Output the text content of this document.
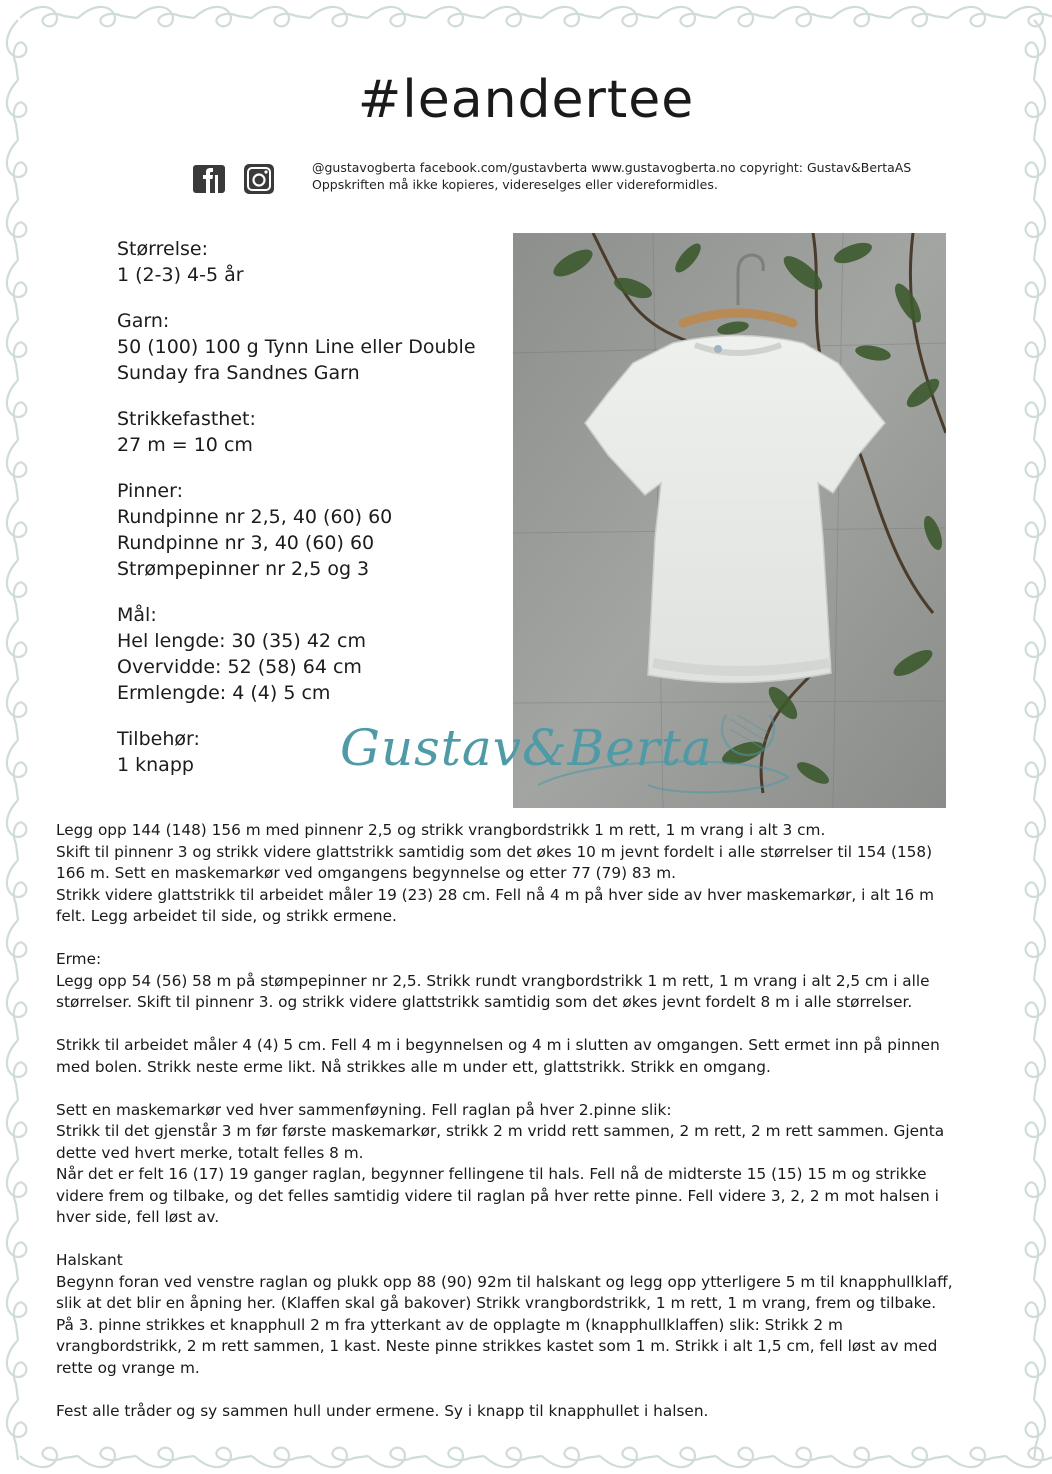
#leandertee
@gustavogberta facebook.com/gustavberta www.gustavogberta.no copyright: Gustav&BertaAS
Oppskriften må ikke kopieres, videreselges eller videreformidles.
Størrelse:
1 (2-3) 4-5 år
Garn:
50 (100) 100 g Tynn Line eller Double
Sunday fra Sandnes Garn
Strikkefasthet:
27 m = 10 cm
Pinner:
Rundpinne nr 2,5, 40 (60) 60
Rundpinne nr 3, 40 (60) 60
Strømpepinner nr 2,5 og 3
Mål:
Hel lengde: 30 (35) 42 cm
Overvidde: 52 (58) 64 cm
Ermlengde: 4 (4) 5 cm
Tilbehør:
1 knapp	Gustav&Berta
Legg opp 144 (148) 156 m med pinnenr 2,5 og strikk vrangbordstrikk 1 m rett, 1 m vrang i alt 3 cm.
Skift til pinnenr 3 og strikk videre glattstrikk samtidig som det økes 10 m jevnt fordelt i alle størrelser til 154 (158)
166 m. Sett en maskemarkør ved omgangens begynnelse og etter 77 (79) 83 m.
Strikk videre glattstrikk til arbeidet måler 19 (23) 28 cm. Fell nå 4 m på hver side av hver maskemarkør, i alt 16 m
felt. Legg arbeidet til side, og strikk ermene.
Erme:
Legg opp 54 (56) 58 m på stømpepinner nr 2,5. Strikk rundt vrangbordstrikk 1 m rett, 1 m vrang i alt 2,5 cm i alle
størrelser. Skift til pinnenr 3. og strikk videre glattstrikk samtidig som det økes jevnt fordelt 8 m i alle størrelser.
Strikk til arbeidet måler 4 (4) 5 cm. Fell 4 m i begynnelsen og 4 m i slutten av omgangen. Sett ermet inn på pinnen
med bolen. Strikk neste erme likt. Nå strikkes alle m under ett, glattstrikk. Strikk en omgang.
Sett en maskemarkør ved hver sammenføyning. Fell raglan på hver 2.pinne slik:
Strikk til det gjenstår 3 m før første maskemarkør, strikk 2 m vridd rett sammen, 2 m rett, 2 m rett sammen. Gjenta
dette ved hvert merke, totalt felles 8 m.
Når det er felt 16 (17) 19 ganger raglan, begynner fellingene til hals. Fell nå de midterste 15 (15) 15 m og strikke
videre frem og tilbake, og det felles samtidig videre til raglan på hver rette pinne. Fell videre 3, 2, 2 m mot halsen i
hver side, fell løst av.
Halskant
Begynn foran ved venstre raglan og plukk opp 88 (90) 92m til halskant og legg opp ytterligere 5 m til knapphullklaff,
slik at det blir en åpning her. (Klaffen skal gå bakover) Strikk vrangbordstrikk, 1 m rett, 1 m vrang, frem og tilbake.
På 3. pinne strikkes et knapphull 2 m fra ytterkant av de opplagte m (knapphullklaffen) slik: Strikk 2 m
vrangbordstrikk, 2 m rett sammen, 1 kast. Neste pinne strikkes kastet som 1 m. Strikk i alt 1,5 cm, fell løst av med
rette og vrange m.
Fest alle tråder og sy sammen hull under ermene. Sy i knapp til knapphullet i halsen.
